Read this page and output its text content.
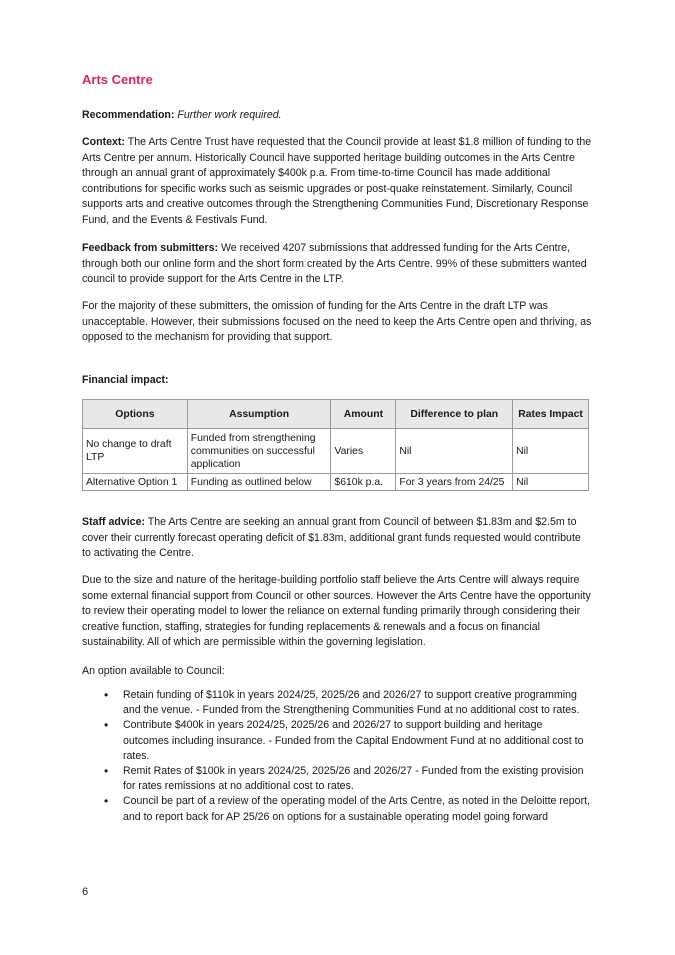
Arts Centre
Recommendation: Further work required.
Context: The Arts Centre Trust have requested that the Council provide at least $1.8 million of funding to the Arts Centre per annum. Historically Council have supported heritage building outcomes in the Arts Centre through an annual grant of approximately $400k p.a. From time-to-time Council has made additional contributions for specific works such as seismic upgrades or post-quake reinstatement. Similarly, Council supports arts and creative outcomes through the Strengthening Communities Fund, Discretionary Response Fund, and the Events & Festivals Fund.
Feedback from submitters: We received 4207 submissions that addressed funding for the Arts Centre, through both our online form and the short form created by the Arts Centre. 99% of these submitters wanted council to provide support for the Arts Centre in the LTP.
For the majority of these submitters, the omission of funding for the Arts Centre in the draft LTP was unacceptable. However, their submissions focused on the need to keep the Arts Centre open and thriving, as opposed to the mechanism for providing that support.
Financial impact:
Options	Assumption	Amount	Difference to plan	Rates Impact
No change to draft LTP	Funded from strengthening communities on successful application	Varies	Nil	Nil
Alternative Option 1	Funding as outlined below	$610k p.a.	For 3 years from 24/25	Nil
Staff advice: The Arts Centre are seeking an annual grant from Council of between $1.83m and $2.5m to cover their currently forecast operating deficit of $1.83m, additional grant funds requested would contribute to activating the Centre.
Due to the size and nature of the heritage-building portfolio staff believe the Arts Centre will always require some external financial support from Council or other sources. However the Arts Centre have the opportunity to review their operating model to lower the reliance on external funding primarily through considering their creative function, staffing, strategies for funding replacements & renewals and a focus on financial sustainability. All of which are permissible within the governing legislation.
An option available to Council:
• Retain funding of $110k in years 2024/25, 2025/26 and 2026/27 to support creative programming and the venue. - Funded from the Strengthening Communities Fund at no additional cost to rates.
• Contribute $400k in years 2024/25, 2025/26 and 2026/27 to support building and heritage outcomes including insurance. - Funded from the Capital Endowment Fund at no additional cost to rates.
• Remit Rates of $100k in years 2024/25, 2025/26 and 2026/27 - Funded from the existing provision for rates remissions at no additional cost to rates.
• Council be part of a review of the operating model of the Arts Centre, as noted in the Deloitte report, and to report back for AP 25/26 on options for a sustainable operating model going forward
6
